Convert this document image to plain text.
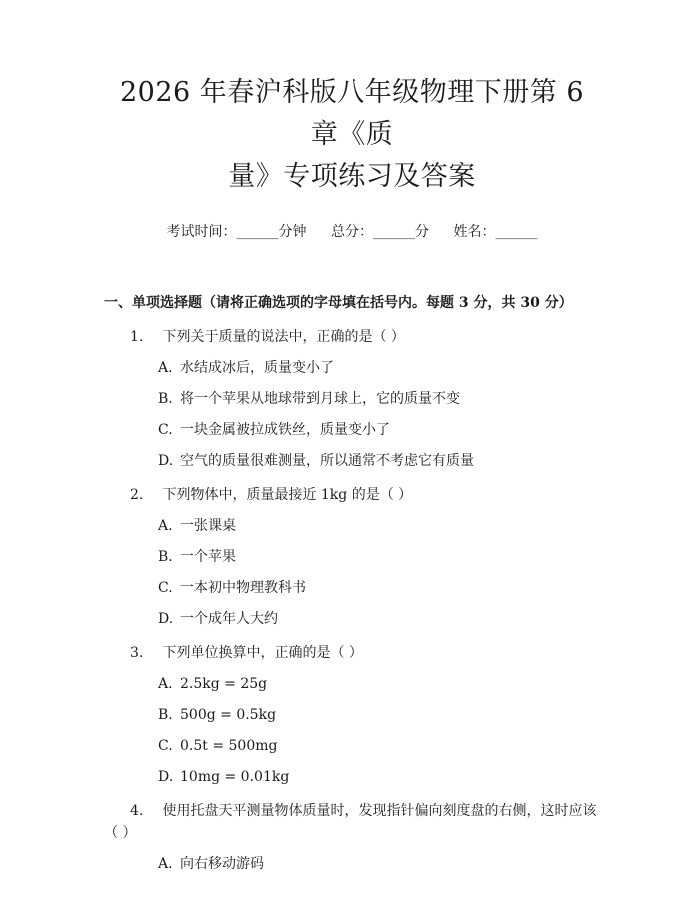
2026 年春沪科版八年级物理下册第 6 章《质
量》专项练习及答案
考试时间：______分钟 总分：______分 姓名：______
一、单项选择题（请将正确选项的字母填在括号内。每题 3 分，共 30 分）
1. 下列关于质量的说法中，正确的是（ ）
A. 水结成冰后，质量变小了
B. 将一个苹果从地球带到月球上，它的质量不变
C. 一块金属被拉成铁丝，质量变小了
D. 空气的质量很难测量，所以通常不考虑它有质量
2. 下列物体中，质量最接近 1kg 的是（ ）
A. 一张课桌
B. 一个苹果
C. 一本初中物理教科书
D. 一个成年人大约
3. 下列单位换算中，正确的是（ ）
A. 2.5kg = 25g
B. 500g = 0.5kg
C. 0.5t = 500mg
D. 10mg = 0.01kg
4. 使用托盘天平测量物体质量时，发现指针偏向刻度盘的右侧，这时应该
（ ）
A. 向右移动游码
